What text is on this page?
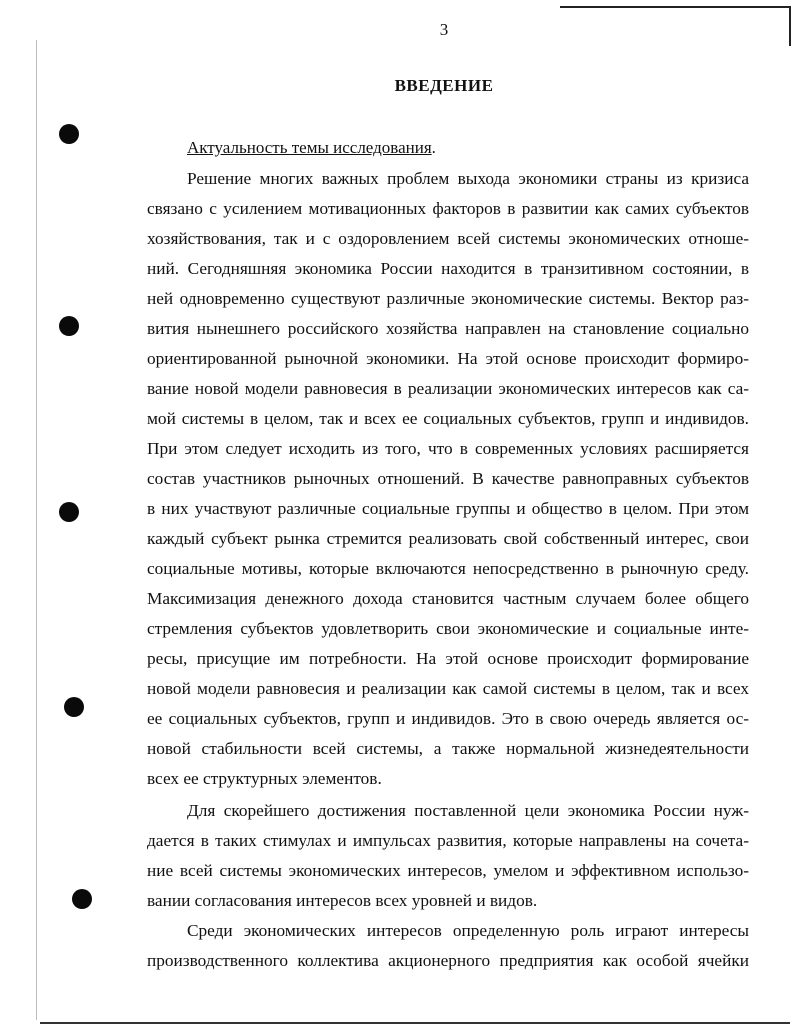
3
ВВЕДЕНИЕ
Актуальность темы исследования.
Решение многих важных проблем выхода экономики страны из кризиса
связано с усилением мотивационных факторов в развитии как самих субъектов
хозяйствования, так и с оздоровлением всей системы экономических отноше-
ний. Сегодняшняя экономика России находится в транзитивном состоянии, в
ней одновременно существуют различные экономические системы. Вектор раз-
вития нынешнего российского хозяйства направлен на становление социально
ориентированной рыночной экономики. На этой основе происходит формиро-
вание новой модели равновесия в реализации экономических интересов как са-
мой системы в целом, так и всех ее социальных субъектов, групп и индивидов.
При этом следует исходить из того, что в современных условиях расширяется
состав участников рыночных отношений. В качестве равноправных субъектов
в них участвуют различные социальные группы и общество в целом. При этом
каждый субъект рынка стремится реализовать свой собственный интерес, свои
социальные мотивы, которые включаются непосредственно в рыночную среду.
Максимизация денежного дохода становится частным случаем более общего
стремления субъектов удовлетворить свои экономические и социальные инте-
ресы, присущие им потребности. На этой основе происходит формирование
новой модели равновесия и реализации как самой системы в целом, так и всех
ее социальных субъектов, групп и индивидов. Это в свою очередь является ос-
новой стабильности всей системы, а также нормальной жизнедеятельности
всех ее структурных элементов.
Для скорейшего достижения поставленной цели экономика России нуж-
дается в таких стимулах и импульсах развития, которые направлены на сочета-
ние всей системы экономических интересов, умелом и эффективном использо-
вании согласования интересов всех уровней и видов.
Среди экономических интересов определенную роль играют интересы
производственного коллектива акционерного предприятия как особой ячейки
